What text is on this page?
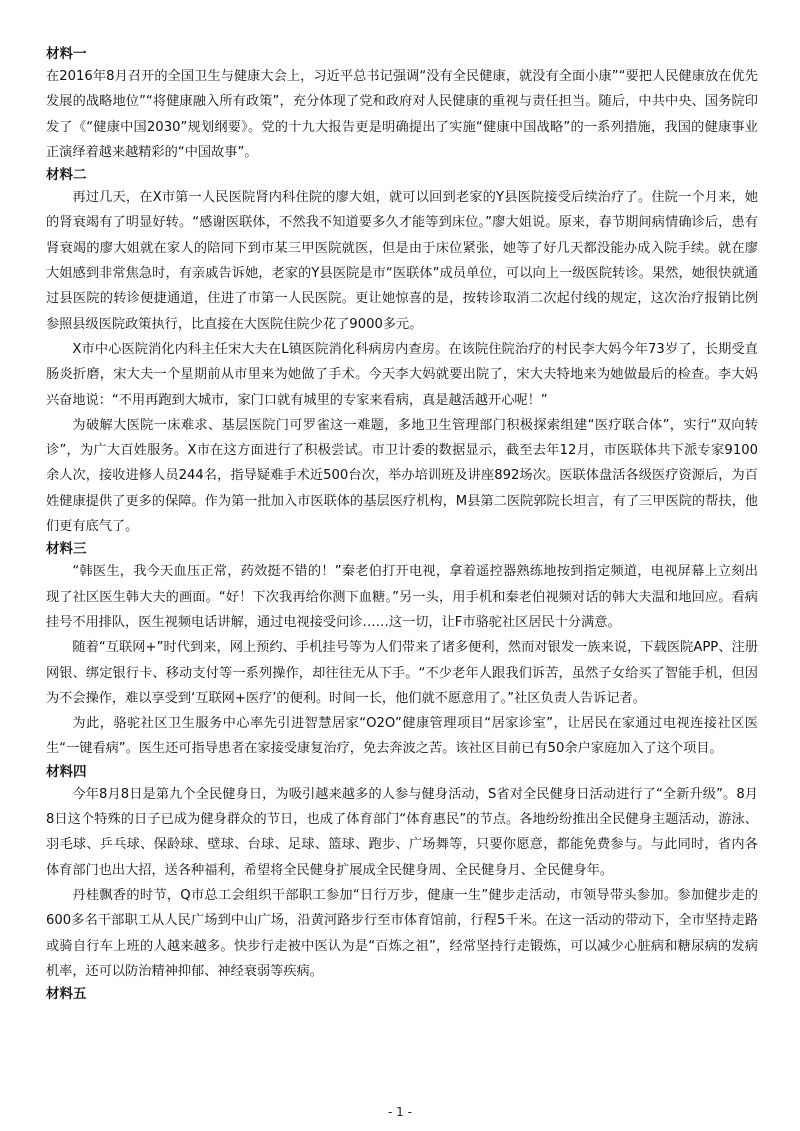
材料一

在2016年8月召开的全国卫生与健康大会上，习近平总书记强调“没有全民健康，就没有全面小康”“要把人民健康放在优先发展的战略地位”“将健康融入所有政策”，充分体现了党和政府对人民健康的重视与责任担当。随后，中共中央、国务院印发了《“健康中国2030”规划纲要》。党的十九大报告更是明确提出了实施“健康中国战略”的一系列措施，我国的健康事业正演绎着越来越精彩的“中国故事”。

材料二

再过几天，在X市第一人民医院肾内科住院的廖大姐，就可以回到老家的Y县医院接受后续治疗了。住院一个月来，她的肾衰竭有了明显好转。“感谢医联体，不然我不知道要多久才能等到床位。”廖大姐说。原来，春节期间病情确诊后，患有肾衰竭的廖大姐就在家人的陪同下到市某三甲医院就医，但是由于床位紧张，她等了好几天都没能办成入院手续。就在廖大姐感到非常焦急时，有亲戚告诉她，老家的Y县医院是市“医联体”成员单位，可以向上一级医院转诊。果然，她很快就通过县医院的转诊便捷通道，住进了市第一人民医院。更让她惊喜的是，按转诊取消二次起付线的规定，这次治疗报销比例参照县级医院政策执行，比直接在大医院住院少花了9000多元。

X市中心医院消化内科主任宋大夫在L镇医院消化科病房内查房。在该院住院治疗的村民李大妈今年73岁了，长期受直肠炎折磨，宋大夫一个星期前从市里来为她做了手术。今天李大妈就要出院了，宋大夫特地来为她做最后的检查。李大妈兴奋地说：“不用再跑到大城市，家门口就有城里的专家来看病，真是越活越开心呢！”

为破解大医院一床难求、基层医院门可罗雀这一难题，多地卫生管理部门积极探索组建“医疗联合体”，实行“双向转诊”，为广大百姓服务。X市在这方面进行了积极尝试。市卫计委的数据显示，截至去年12月，市医联体共下派专家9100余人次，接收进修人员244名，指导疑难手术近500台次，举办培训班及讲座892场次。医联体盘活各级医疗资源后，为百姓健康提供了更多的保障。作为第一批加入市医联体的基层医疗机构，M县第二医院郭院长坦言，有了三甲医院的帮扶，他们更有底气了。

材料三

“韩医生，我今天血压正常，药效挺不错的！”秦老伯打开电视，拿着遥控器熟练地按到指定频道，电视屏幕上立刻出现了社区医生韩大夫的画面。“好！下次我再给你测下血糖。”另一头，用手机和秦老伯视频对话的韩大夫温和地回应。看病挂号不用排队，医生视频电话讲解，通过电视接受问诊……这一切，让F市骆驼社区居民十分满意。

随着“互联网+”时代到来，网上预约、手机挂号等为人们带来了诸多便利，然而对银发一族来说，下载医院APP、注册网银、绑定银行卡、移动支付等一系列操作，却往往无从下手。“不少老年人跟我们诉苦，虽然子女给买了智能手机，但因为不会操作，难以享受到‘互联网+医疗’的便利。时间一长，他们就不愿意用了。”社区负责人告诉记者。

为此，骆驼社区卫生服务中心率先引进智慧居家“O2O”健康管理项目“居家诊室”，让居民在家通过电视连接社区医生“一键看病”。医生还可指导患者在家接受康复治疗，免去奔波之苦。该社区目前已有50余户家庭加入了这个项目。

材料四

今年8月8日是第九个全民健身日，为吸引越来越多的人参与健身活动，S省对全民健身日活动进行了“全新升级”。8月8日这个特殊的日子已成为健身群众的节日，也成了体育部门“体育惠民”的节点。各地纷纷推出全民健身主题活动，游泳、羽毛球、乒乓球、保龄球、壁球、台球、足球、篮球、跑步、广场舞等，只要你愿意，都能免费参与。与此同时，省内各体育部门也出大招，送各种福利，希望将全民健身扩展成全民健身周、全民健身月、全民健身年。

丹桂飘香的时节，Q市总工会组织干部职工参加“日行万步，健康一生”健步走活动，市领导带头参加。参加健步走的600多名干部职工从人民广场到中山广场，沿黄河路步行至市体育馆前，行程5千米。在这一活动的带动下，全市坚持走路或骑自行车上班的人越来越多。快步行走被中医认为是“百炼之祖”，经常坚持行走锻炼，可以减少心脏病和糖尿病的发病机率，还可以防治精神抑郁、神经衰弱等疾病。

材料五
- 1 -
